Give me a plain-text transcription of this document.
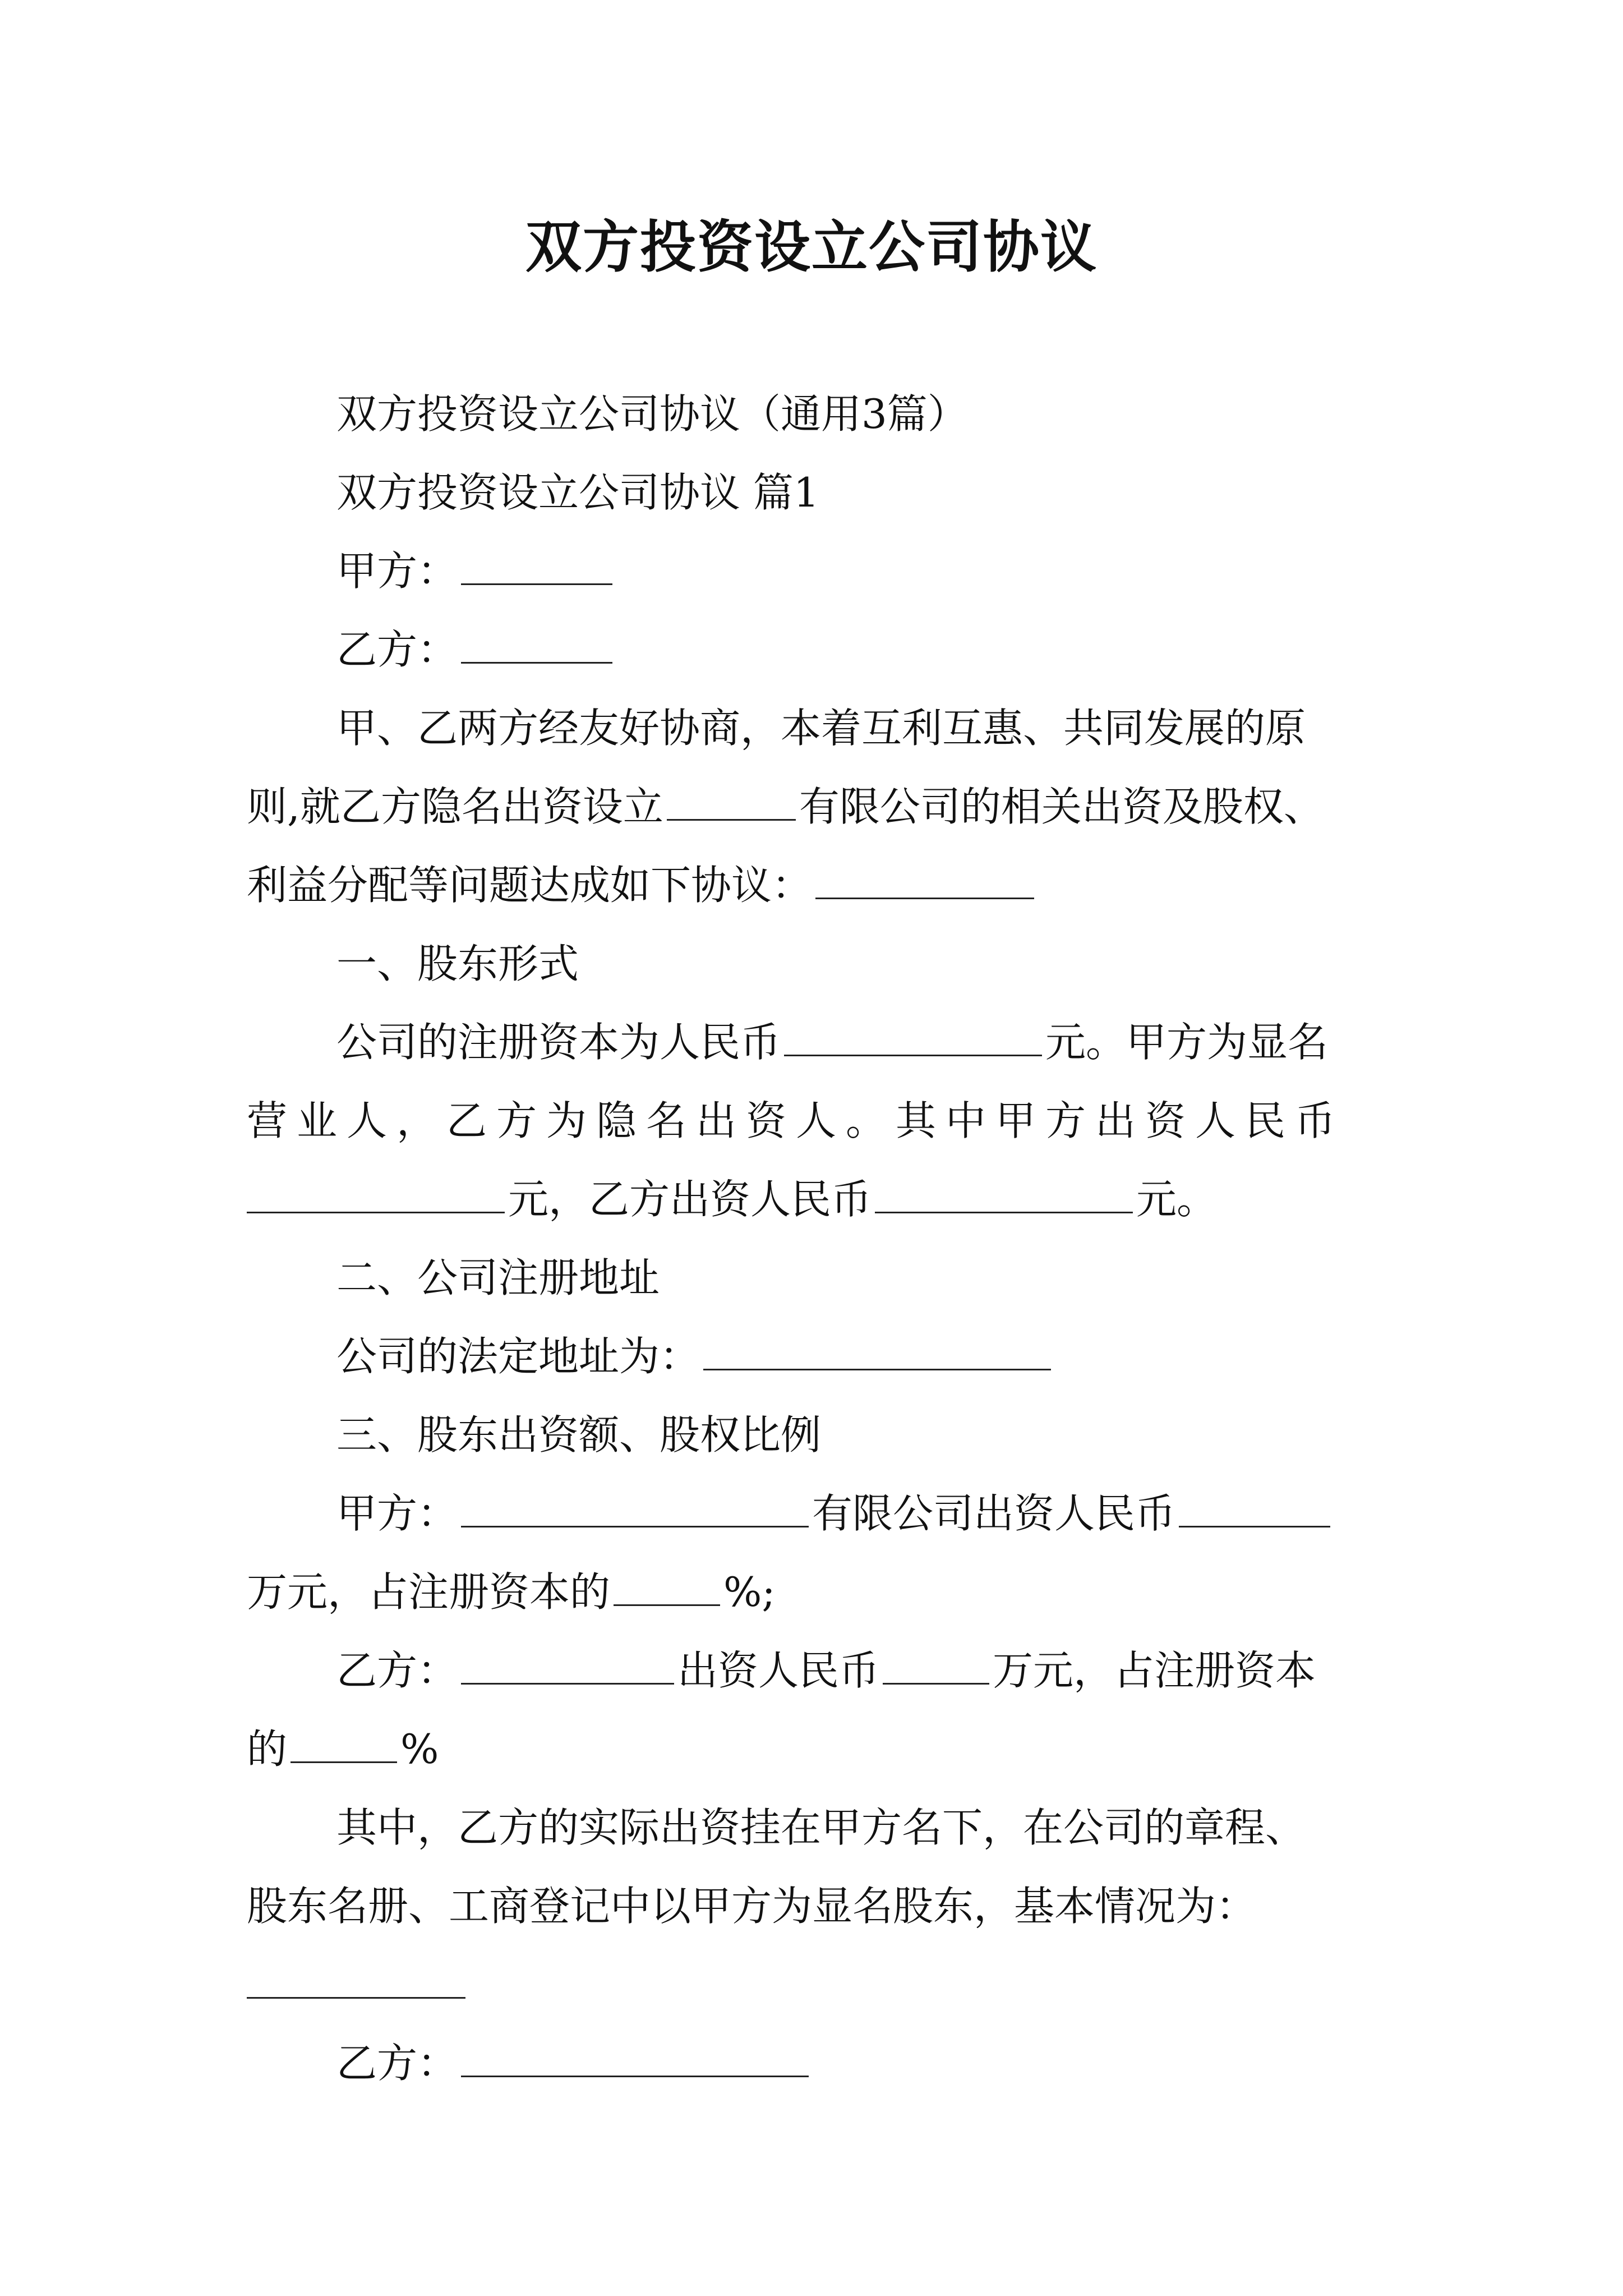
双方投资设立公司协议
双方投资设立公司协议（通用3篇）
双方投资设立公司协议 篇1
甲方：
乙方：
甲、乙两方经友好协商，本着互利互惠、共同发展的原
则,就乙方隐名出资设立	有限公司的相关出资及股权、
利益分配等问题达成如下协议：
一、股东形式
公司的注册资本为人民币	元。甲方为显名
营业人，乙方为隐名出资人。其中甲方出资人民币
元，乙方出资人民币	元。
二、公司注册地址
公司的法定地址为：
三、股东出资额、股权比例
甲方：	有限公司出资人民币
万元，占注册资本的	%;
乙方：	出资人民币	万元，占注册资本
的	%
其中，乙方的实际出资挂在甲方名下，在公司的章程、
股东名册、工商登记中以甲方为显名股东，基本情况为：
乙方：
